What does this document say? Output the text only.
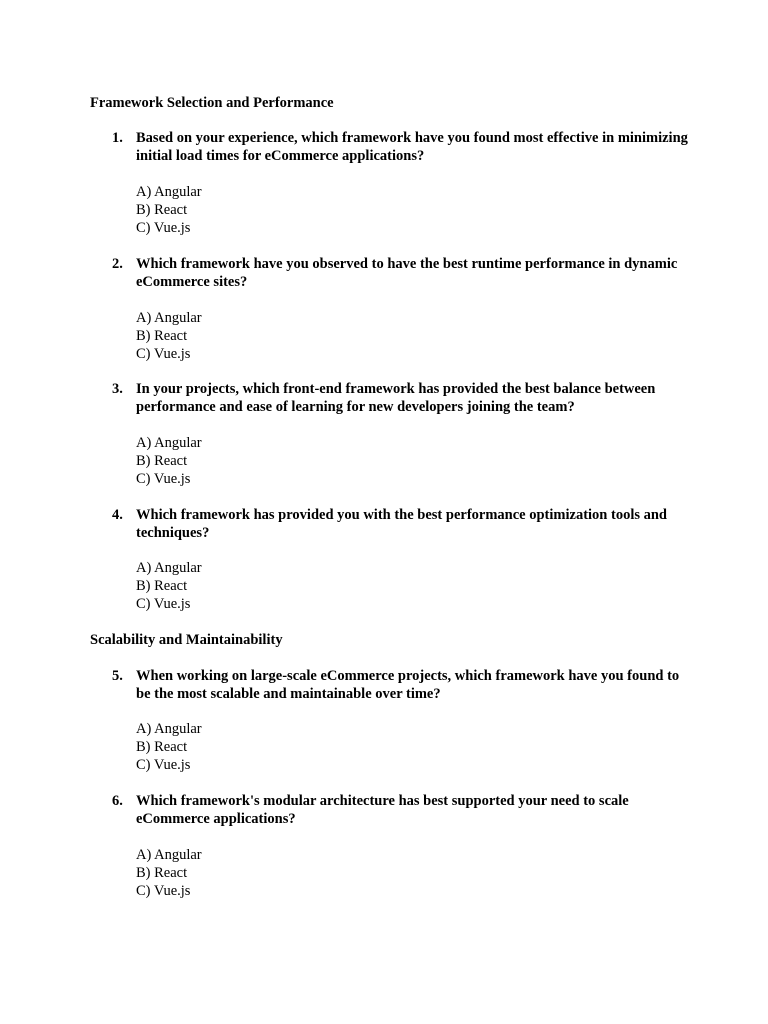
Framework Selection and Performance
1. Based on your experience, which framework have you found most effective in minimizing initial load times for eCommerce applications?

A) Angular
B) React
C) Vue.js
2. Which framework have you observed to have the best runtime performance in dynamic eCommerce sites?

A) Angular
B) React
C) Vue.js
3. In your projects, which front-end framework has provided the best balance between performance and ease of learning for new developers joining the team?

A) Angular
B) React
C) Vue.js
4. Which framework has provided you with the best performance optimization tools and techniques?

A) Angular
B) React
C) Vue.js
Scalability and Maintainability
5. When working on large-scale eCommerce projects, which framework have you found to be the most scalable and maintainable over time?

A) Angular
B) React
C) Vue.js
6. Which framework's modular architecture has best supported your need to scale eCommerce applications?

A) Angular
B) React
C) Vue.js
